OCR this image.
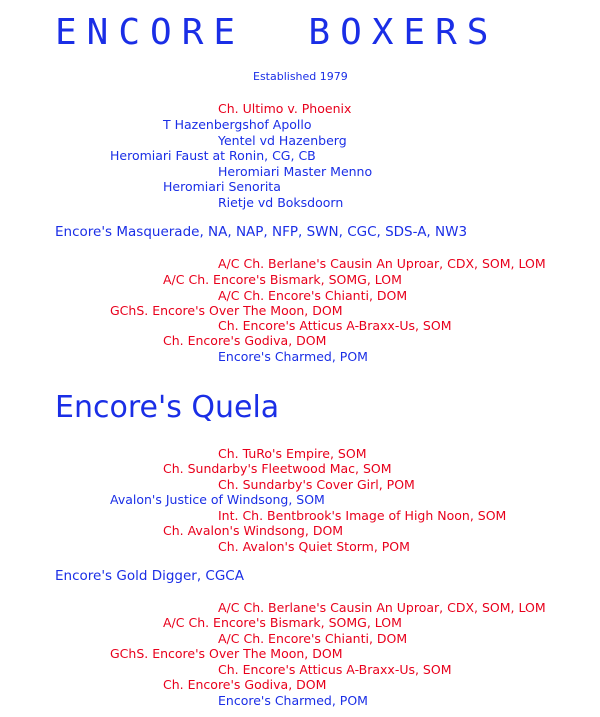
ENCORE  BOXERS
Established 1979
Ch. Ultimo v. Phoenix
T Hazenbergshof Apollo
Yentel vd Hazenberg
Heromiari Faust at Ronin, CG, CB
Heromiari Master Menno
Heromiari Senorita
Rietje vd Boksdoorn
Encore's Masquerade, NA, NAP, NFP, SWN, CGC, SDS-A, NW3
A/C Ch. Berlane's Causin An Uproar, CDX, SOM, LOM
A/C Ch. Encore's Bismark, SOMG, LOM
A/C Ch. Encore's Chianti, DOM
GChS. Encore's Over The Moon, DOM
Ch. Encore's Atticus A-Braxx-Us, SOM
Ch. Encore's Godiva, DOM
Encore's Charmed, POM
Encore's Quela
Ch. TuRo's Empire, SOM
Ch. Sundarby's Fleetwood Mac, SOM
Ch. Sundarby's Cover Girl, POM
Avalon's Justice of Windsong, SOM
Int. Ch. Bentbrook's Image of High Noon, SOM
Ch. Avalon's Windsong, DOM
Ch. Avalon's Quiet Storm, POM
Encore's Gold Digger, CGCA
A/C Ch. Berlane's Causin An Uproar, CDX, SOM, LOM
A/C Ch. Encore's Bismark, SOMG, LOM
A/C Ch. Encore's Chianti, DOM
GChS. Encore's Over The Moon, DOM
Ch. Encore's Atticus A-Braxx-Us, SOM
Ch. Encore's Godiva, DOM
Encore's Charmed, POM
